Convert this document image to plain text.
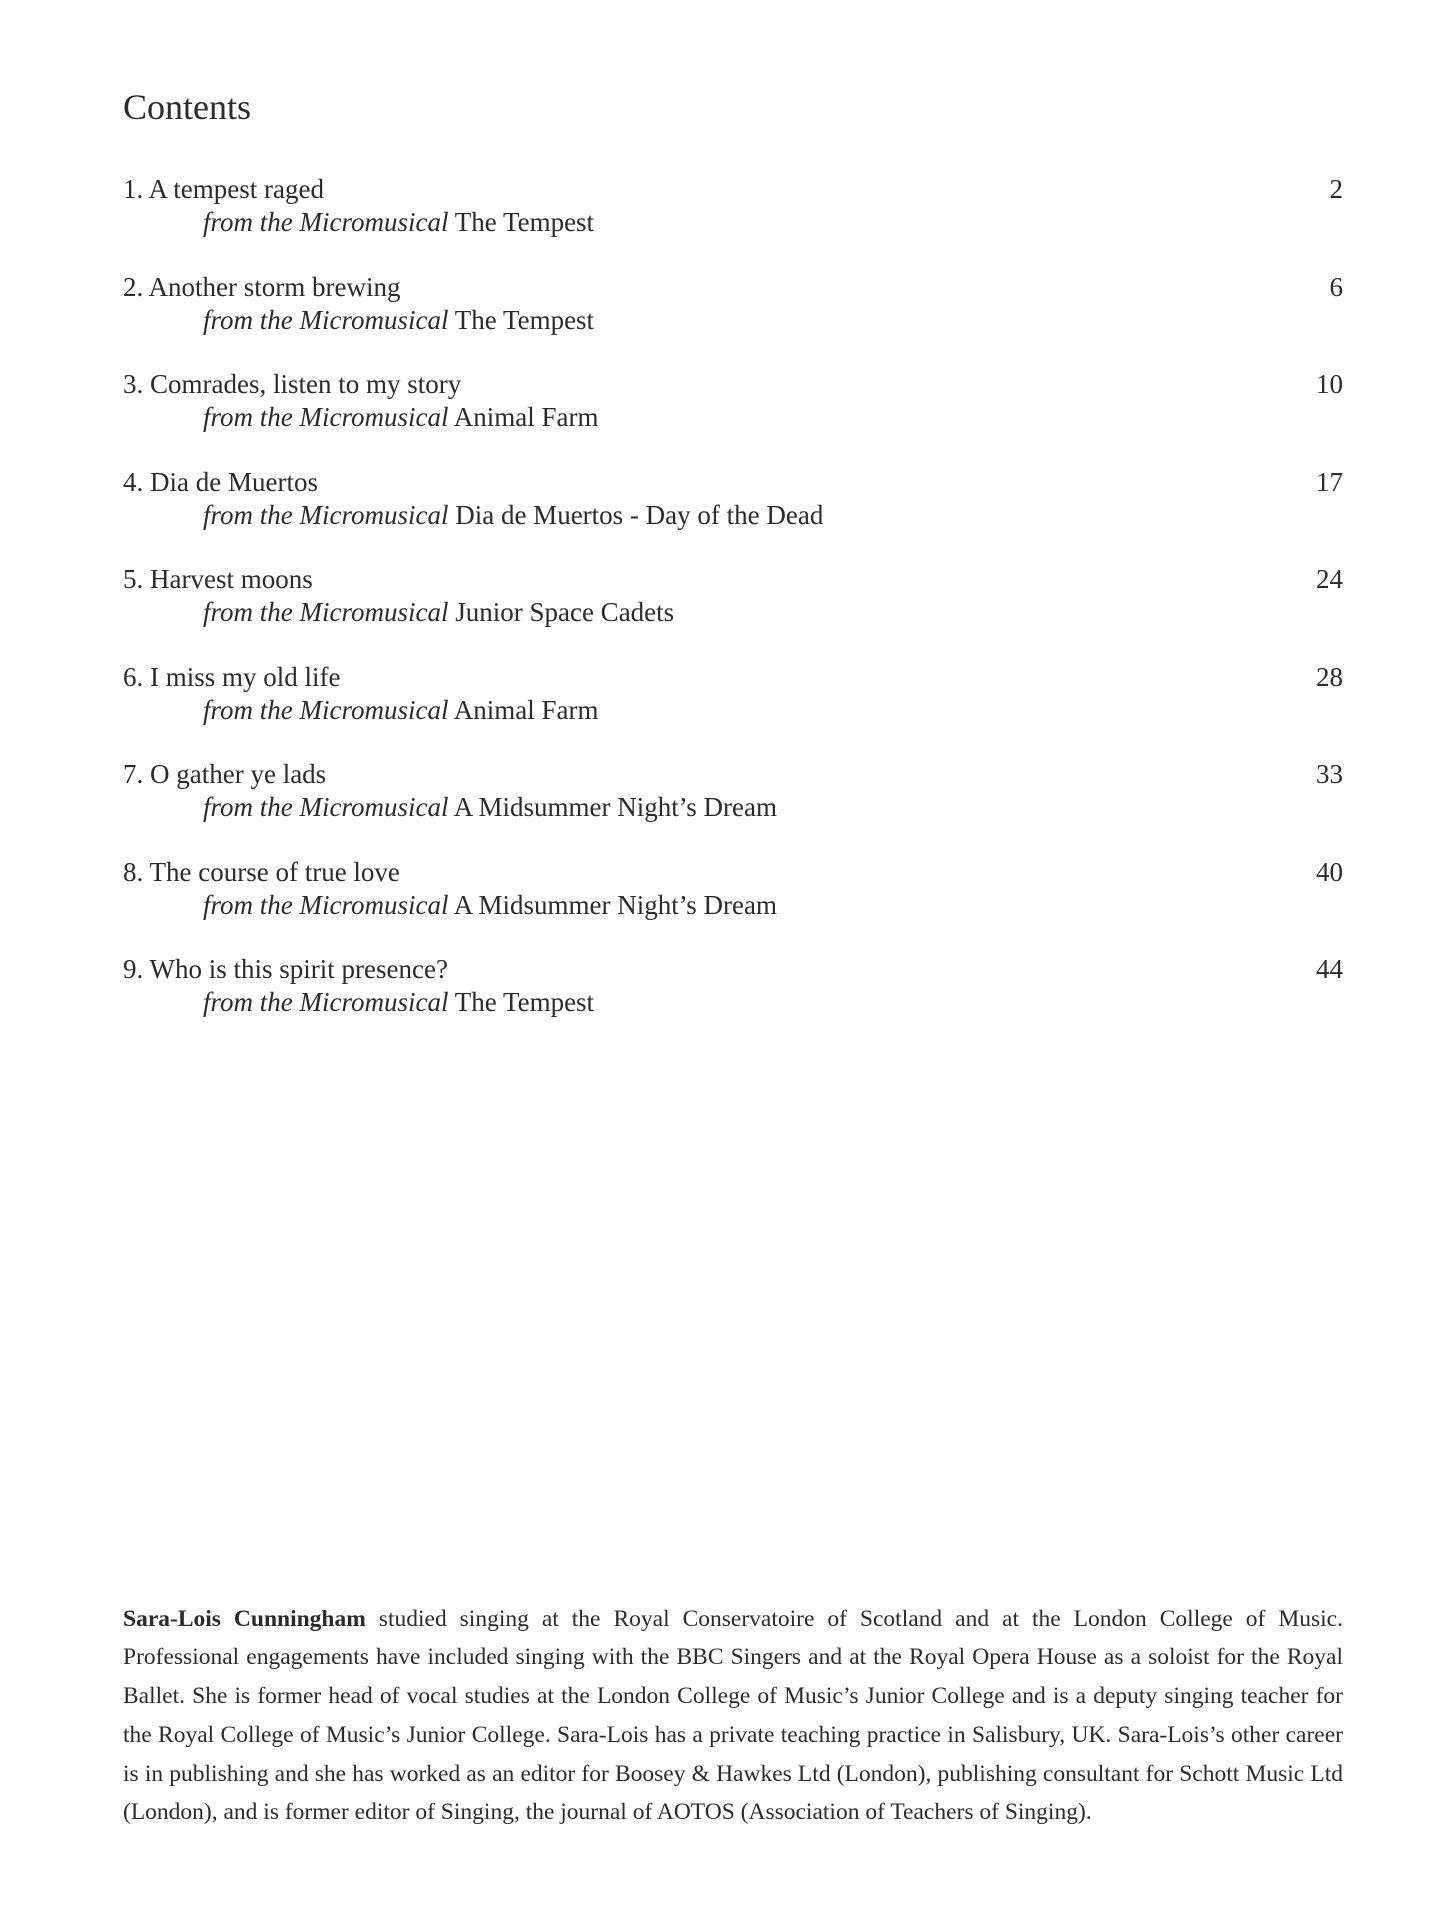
Contents
1. A tempest raged	2
from the Micromusical The Tempest
2. Another storm brewing	6
from the Micromusical The Tempest
3. Comrades, listen to my story	10
from the Micromusical Animal Farm
4. Dia de Muertos	17
from the Micromusical Dia de Muertos - Day of the Dead
5. Harvest moons	24
from the Micromusical Junior Space Cadets
6. I miss my old life	28
from the Micromusical Animal Farm
7. O gather ye lads	33
from the Micromusical A Midsummer Night’s Dream
8. The course of true love	40
from the Micromusical A Midsummer Night’s Dream
9. Who is this spirit presence?	44
from the Micromusical The Tempest

Sara-Lois Cunningham studied singing at the Royal Conservatoire of Scotland and at the London College of Music. Professional engagements have included singing with the BBC Singers and at the Royal Opera House as a soloist for the Royal Ballet. She is former head of vocal studies at the London College of Music’s Junior College and is a deputy singing teacher for the Royal College of Music’s Junior College. Sara-Lois has a private teaching practice in Salisbury, UK. Sara-Lois’s other career is in publishing and she has worked as an editor for Boosey & Hawkes Ltd (London), publishing consultant for Schott Music Ltd (London), and is former editor of Singing, the journal of AOTOS (Association of Teachers of Singing).
